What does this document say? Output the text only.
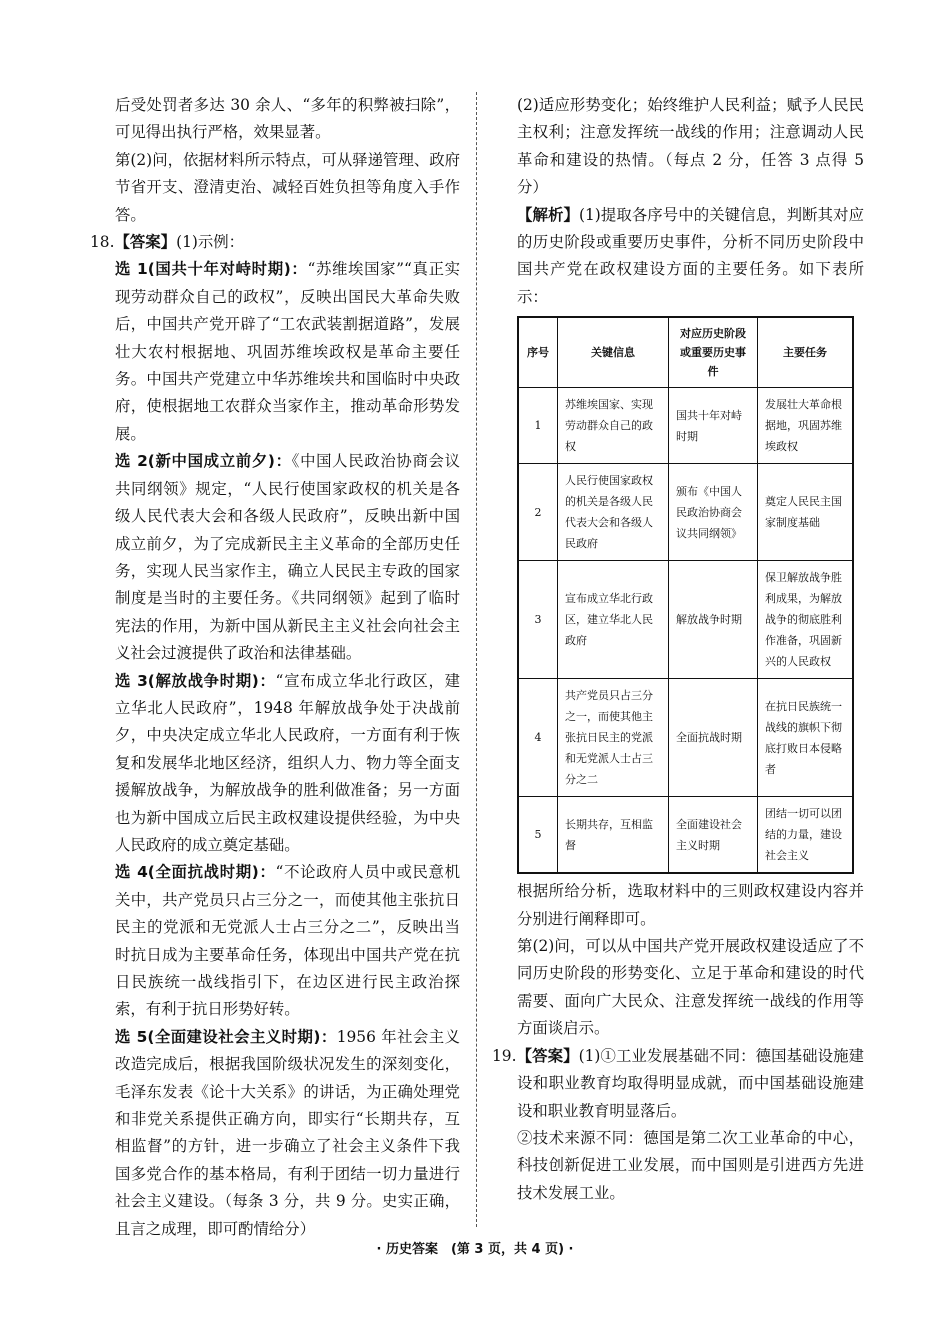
后受处罚者多达 30 余人、“多年的积弊被扫除”，可见得出执行严格，效果显著。

第(2)问，依据材料所示特点，可从驿递管理、政府节省开支、澄清吏治、减轻百姓负担等角度入手作答。

18.【答案】(1)示例：

选 1(国共十年对峙时期)：“苏维埃国家”“真正实现劳动群众自己的政权”，反映出国民大革命失败后，中国共产党开辟了“工农武装割据道路”，发展壮大农村根据地、巩固苏维埃政权是革命主要任务。中国共产党建立中华苏维埃共和国临时中央政府，使根据地工农群众当家作主，推动革命形势发展。

选 2(新中国成立前夕)：《中国人民政治协商会议共同纲领》规定，“人民行使国家政权的机关是各级人民代表大会和各级人民政府”，反映出新中国成立前夕，为了完成新民主主义革命的全部历史任务，实现人民当家作主，确立人民民主专政的国家制度是当时的主要任务。《共同纲领》起到了临时宪法的作用，为新中国从新民主主义社会向社会主义社会过渡提供了政治和法律基础。

选 3(解放战争时期)：“宣布成立华北行政区，建立华北人民政府”，1948 年解放战争处于决战前夕，中央决定成立华北人民政府，一方面有利于恢复和发展华北地区经济，组织人力、物力等全面支援解放战争，为解放战争的胜利做准备；另一方面也为新中国成立后民主政权建设提供经验，为中央人民政府的成立奠定基础。

选 4(全面抗战时期)：“不论政府人员中或民意机关中，共产党员只占三分之一，而使其他主张抗日民主的党派和无党派人士占三分之二”，反映出当时抗日成为主要革命任务，体现出中国共产党在抗日民族统一战线指引下，在边区进行民主政治探索，有利于抗日形势好转。

选 5(全面建设社会主义时期)：1956 年社会主义改造完成后，根据我国阶级状况发生的深刻变化，毛泽东发表《论十大关系》的讲话，为正确处理党和非党关系提供正确方向，即实行“长期共存，互相监督”的方针，进一步确立了社会主义条件下我国多党合作的基本格局，有利于团结一切力量进行社会主义建设。（每条 3 分，共 9 分。史实正确，且言之成理，即可酌情给分）

(2)适应形势变化；始终维护人民利益；赋予人民民主权利；注意发挥统一战线的作用；注意调动人民革命和建设的热情。（每点 2 分，任答 3 点得 5 分）

【解析】(1)提取各序号中的关键信息，判断其对应的历史阶段或重要历史事件，分析不同历史阶段中国共产党在政权建设方面的主要任务。如下表所示：

序号	关键信息	对应历史阶段或重要历史事件	主要任务
1	苏维埃国家、实现劳动群众自己的政权	国共十年对峙时期	发展壮大革命根据地，巩固苏维埃政权
2	人民行使国家政权的机关是各级人民代表大会和各级人民政府	颁布《中国人民政治协商会议共同纲领》	奠定人民民主国家制度基础
3	宣布成立华北行政区，建立华北人民政府	解放战争时期	保卫解放战争胜利成果，为解放战争的彻底胜利作准备，巩固新兴的人民政权
4	共产党员只占三分之一，而使其他主张抗日民主的党派和无党派人士占三分之二	全面抗战时期	在抗日民族统一战线的旗帜下彻底打败日本侵略者
5	长期共存，互相监督	全面建设社会主义时期	团结一切可以团结的力量，建设社会主义

根据所给分析，选取材料中的三则政权建设内容并分别进行阐释即可。

第(2)问，可以从中国共产党开展政权建设适应了不同历史阶段的形势变化、立足于革命和建设的时代需要、面向广大民众、注意发挥统一战线的作用等方面谈启示。

19.【答案】(1)①工业发展基础不同：德国基础设施建设和职业教育均取得明显成就，而中国基础设施建设和职业教育明显落后。

②技术来源不同：德国是第二次工业革命的中心，科技创新促进工业发展，而中国则是引进西方先进技术发展工业。

· 历史答案　(第 3 页，共 4 页) ·
